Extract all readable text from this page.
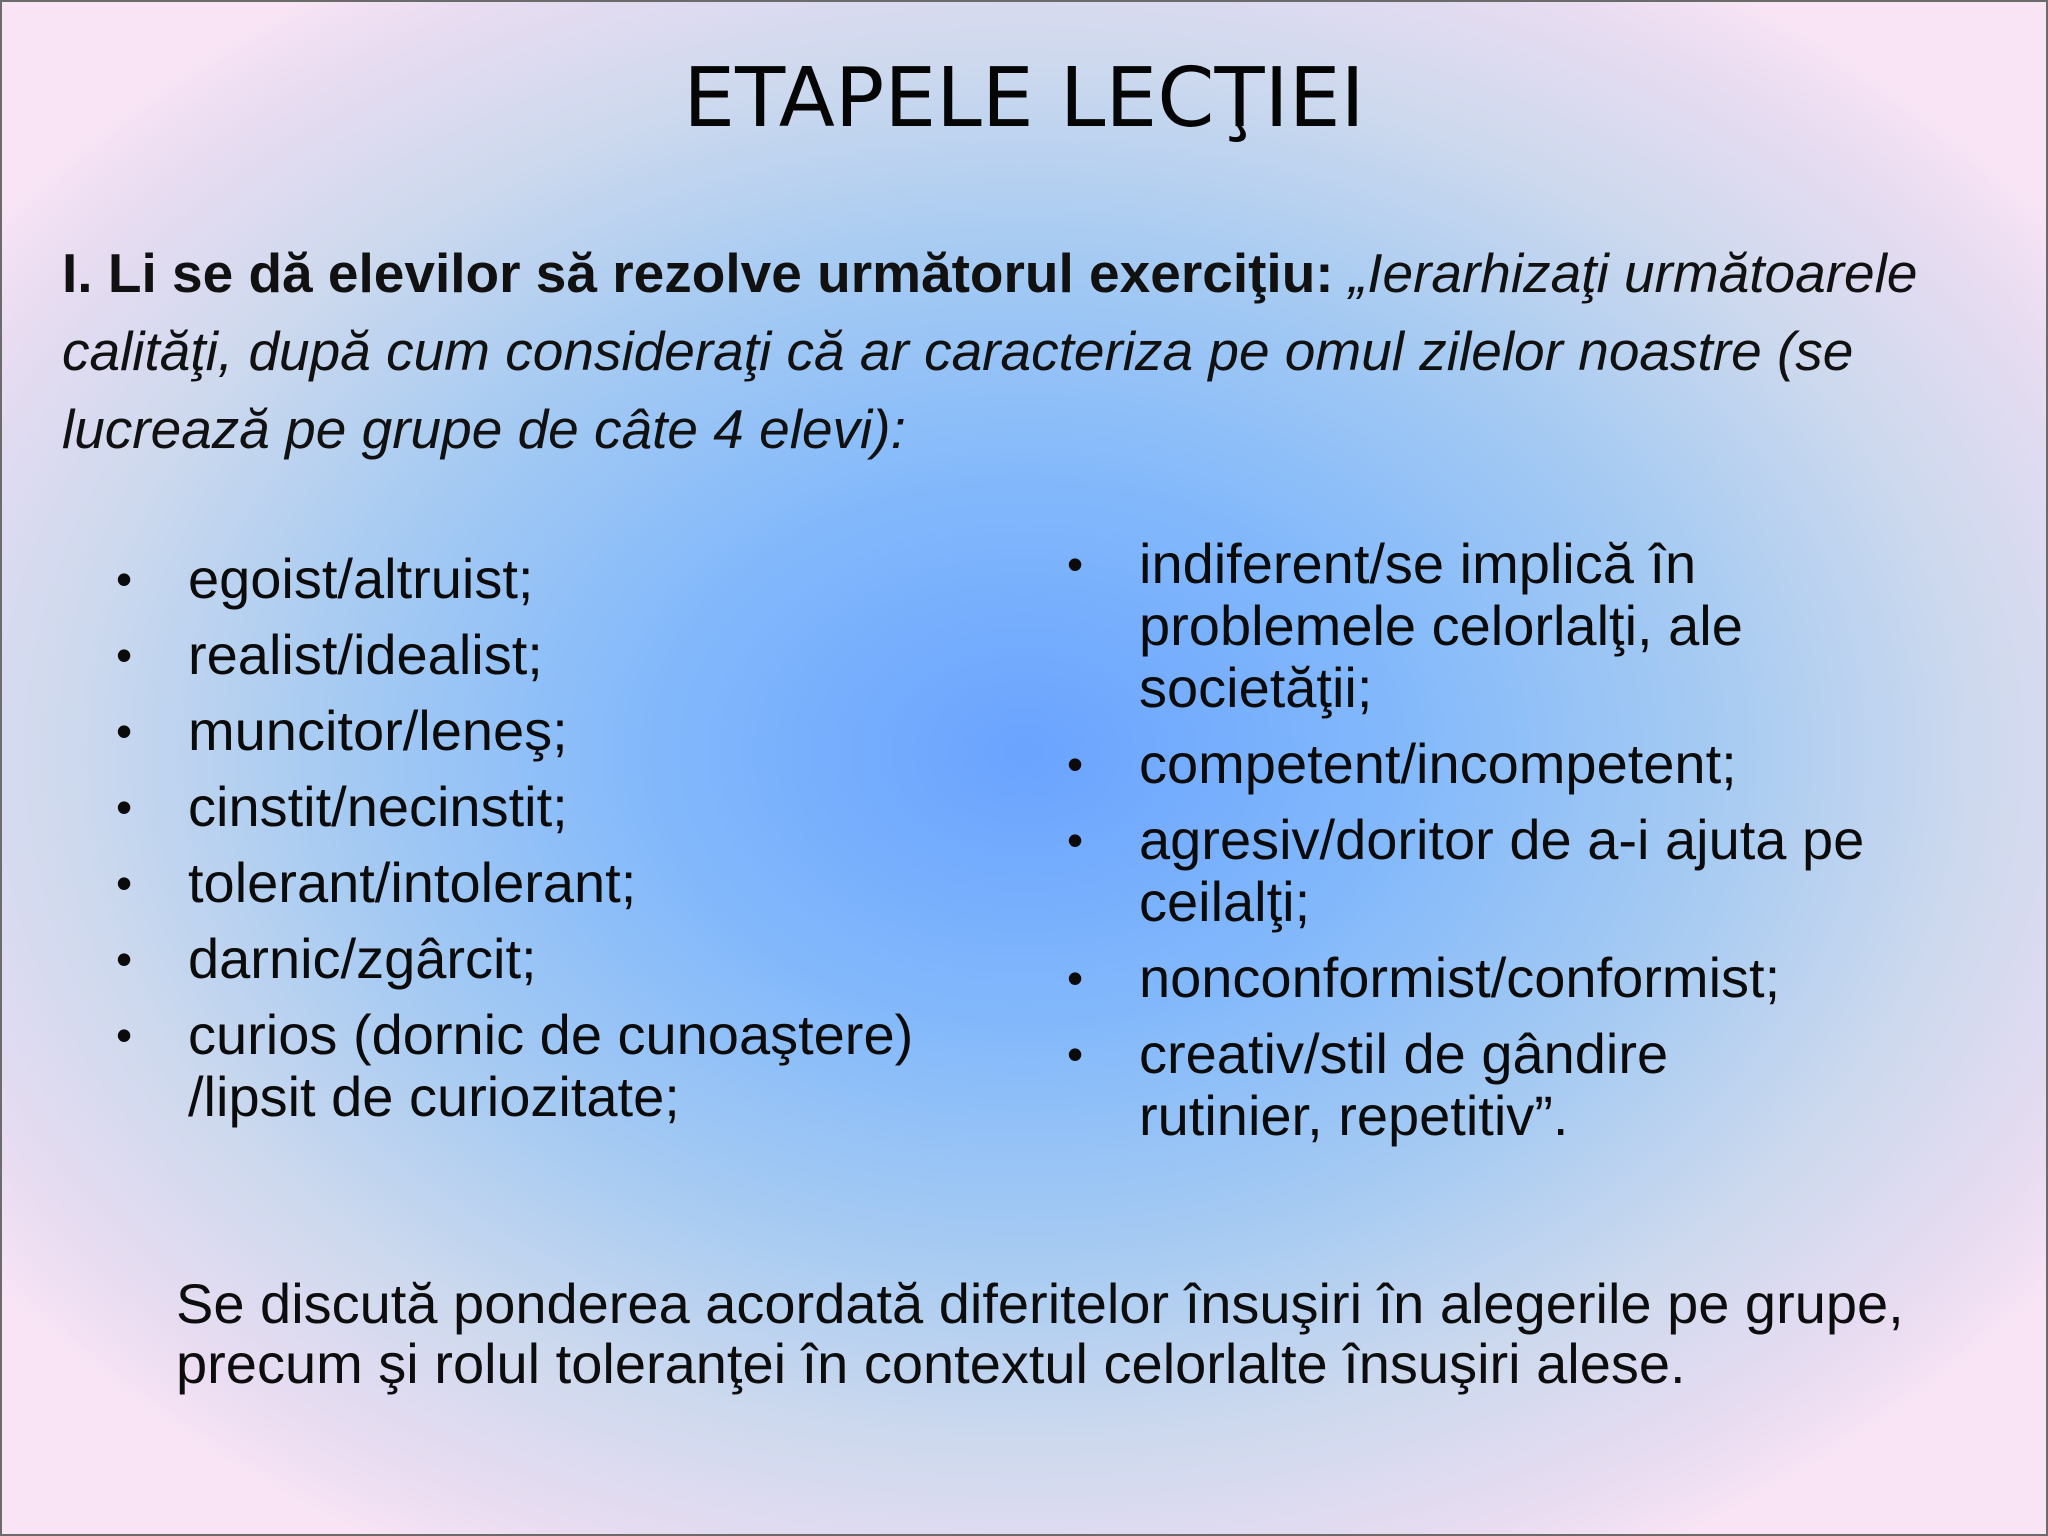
ETAPELE LECŢIEI
I. Li se dă elevilor să rezolve următorul exerciţiu: „Ierarhizaţi următoarele calităţi, după cum consideraţi că ar caracteriza pe omul zilelor noastre (se lucrează pe grupe de câte 4 elevi):
• egoist/altruist;
• realist/idealist;
• muncitor/leneş;
• cinstit/necinstit;
• tolerant/intolerant;
• darnic/zgârcit;
• curios (dornic de cunoaştere) /lipsit de curiozitate;
• indiferent/se implică în problemele celorlalţi, ale societăţii;
• competent/incompetent;
• agresiv/doritor de a-i ajuta pe ceilalţi;
• nonconformist/conformist;
• creativ/stil de gândire rutinier, repetitiv”.
Se discută ponderea acordată diferitelor însuşiri în alegerile pe grupe, precum şi rolul toleranţei în contextul celorlalte însuşiri alese.
